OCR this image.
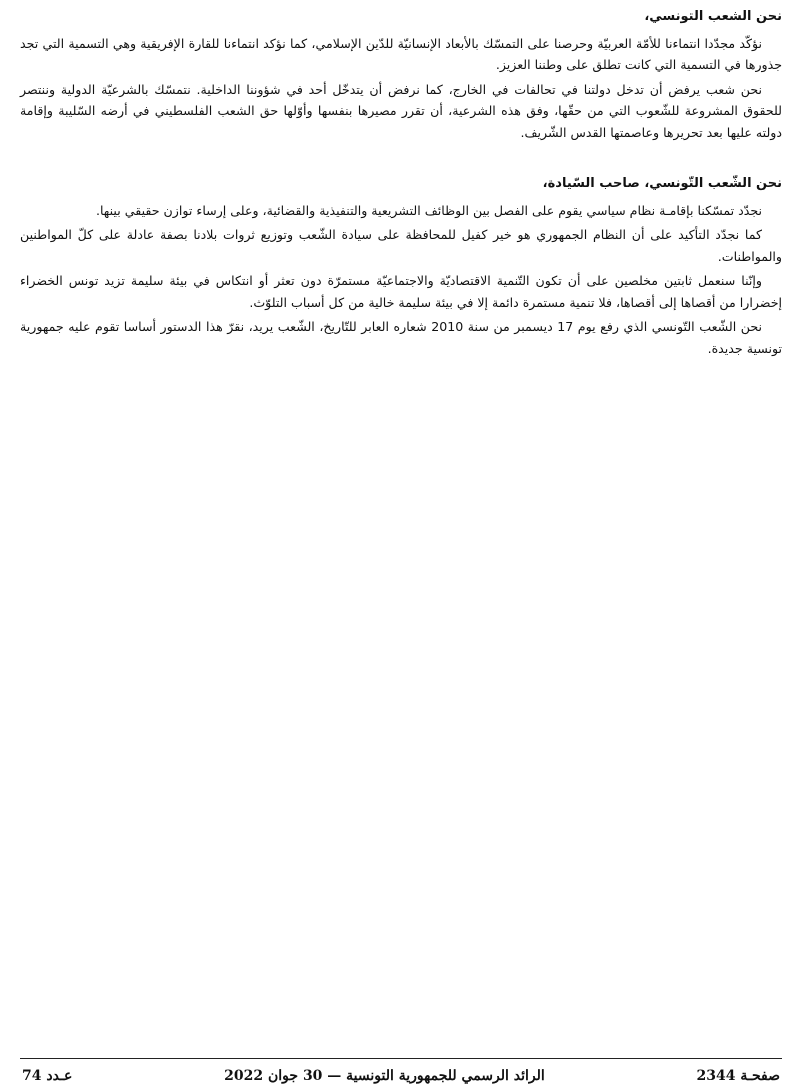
نحن الشعب التونسي،

نؤكّد مجدّدا انتماءنا للأمّة العربيّة وحرصنا على التمسّك بالأبعاد الإنسانيّة للدّين الإسلامي، كما نؤكد انتماءنا للقارة الإفريقية وهي التسمية التي تجد جذورها في التسمية التي كانت تطلق على وطننا العزيز.

نحن شعب يرفض أن تدخل دولتنا في تحالفات في الخارج، كما نرفض أن يتدخّل أحد في شؤوننا الداخلية. نتمسّك بالشرعيّة الدولية وننتصر للحقوق المشروعة للشّعوب التي من حقّها، وفق هذه الشرعية، أن تقرر مصيرها بنفسها وأوّلها حق الشعب الفلسطيني في أرضه السّليبة وإقامة دولته عليها بعد تحريرها وعاصمتها القدس الشّريف.

نحن الشّعب التّونسي، صاحب السّيادة،

نجدّد تمسّكنا بإقامـة نظام سياسي يقوم على الفصل بين الوظائف التشريعية والتنفيذية والقضائية، وعلى إرساء توازن حقيقي بينها.

كما نجدّد التأكيد على أن النظام الجمهوري هو خير كفيل للمحافظة على سيادة الشّعب وتوزيع ثروات بلادنا بصفة عادلة على كلّ المواطنين والمواطنات.

وإنّنا سنعمل ثابتين مخلصين على أن تكون التّنمية الاقتصاديّة والاجتماعيّة مستمرّة دون تعثر أو انتكاس في بيئة سليمة تزيد تونس الخضراء إخضرارا من أقصاها إلى أقصاها، فلا تنمية مستمرة دائمة إلا في بيئة سليمة خالية من كل أسباب التلوّث.

نحن الشّعب التّونسي الذي رفع يوم 17 ديسمبر من سنة 2010 شعاره العابر للتّاريخ، الشّعب يريد، نقرّ هذا الدستور أساسا تقوم عليه جمهورية تونسية جديدة.

صفحـة 2344
الرائد الرسمي للجمهورية التونسية — 30 جوان 2022
عـدد 74
